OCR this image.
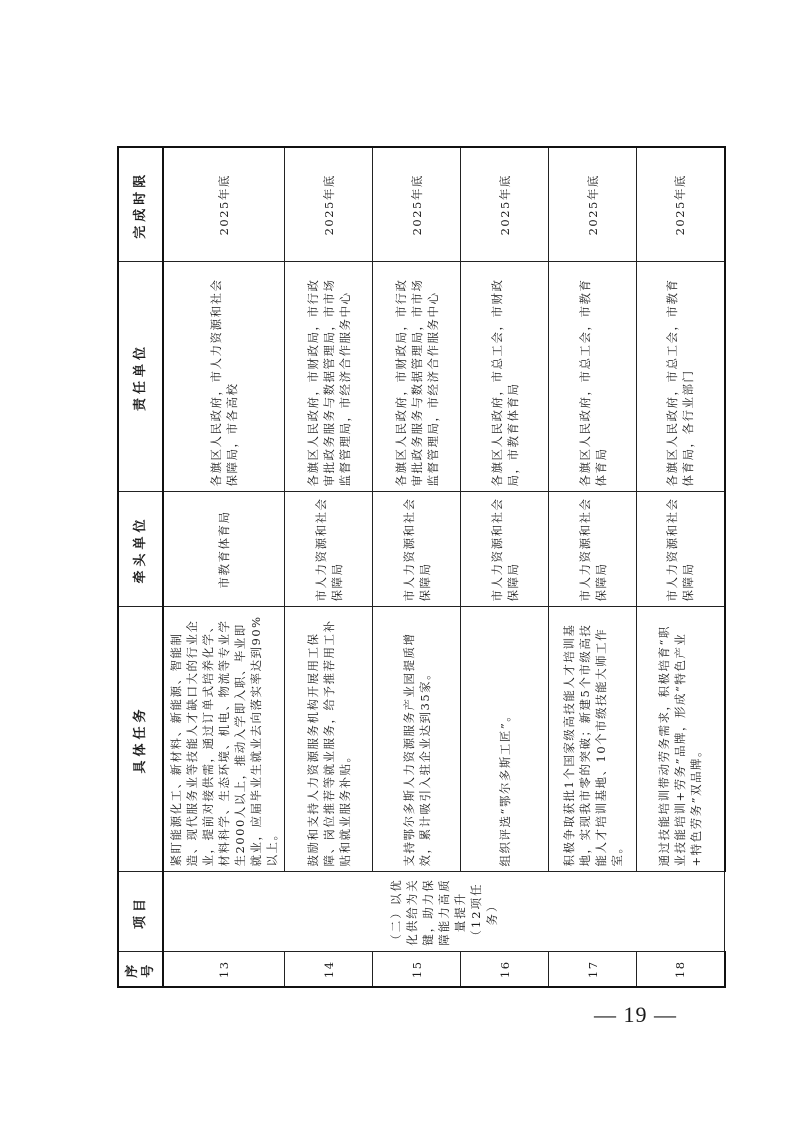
序号	项目	具体任务	牵头单位	责任单位	完成时限
13	（二）以优化供给为关键，助力保障能力高质量提升（12项任务）	紧盯能源化工、新材料、新能源、智能制造、现代服务业等技能人才缺口大的行业企业，提前对接供需，通过订单式培养化学、材料科学、生态环境、机电、物流等专业学生2000人以上，推动入学即入职、毕业即就业，应届毕业生就业去向落实率达到90%以上。	市教育体育局	各旗区人民政府，市人力资源和社会保障局，市各高校	2025年底
14		鼓励和支持人力资源服务机构开展用工保障、岗位推荐等就业服务，给予推荐用工补贴和就业服务补贴。	市人力资源和社会保障局	各旗区人民政府，市财政局，市行政审批政务服务与数据管理局，市市场监督管理局，市经济合作服务中心	2025年底
15		支持鄂尔多斯人力资源服务产业园提质增效，累计吸引入驻企业达到35家。	市人力资源和社会保障局	各旗区人民政府，市财政局，市行政审批政务服务与数据管理局，市市场监督管理局，市经济合作服务中心	2025年底
16		组织评选“鄂尔多斯工匠”。	市人力资源和社会保障局	各旗区人民政府，市总工会，市财政局，市教育体育局	2025年底
17		积极争取获批1个国家级高技能人才培训基地，实现我市零的突破；新建5个市级高技能人才培训基地、10个市级技能大师工作室。	市人力资源和社会保障局	各旗区人民政府，市总工会，市教育体育局	2025年底
18		通过技能培训带动劳务需求，积极培育“职业技能培训+劳务”品牌，形成“特色产业+特色劳务”双品牌。	市人力资源和社会保障局	各旗区人民政府，市总工会，市教育体育局，各行业部门	2025年底
— 19 —
